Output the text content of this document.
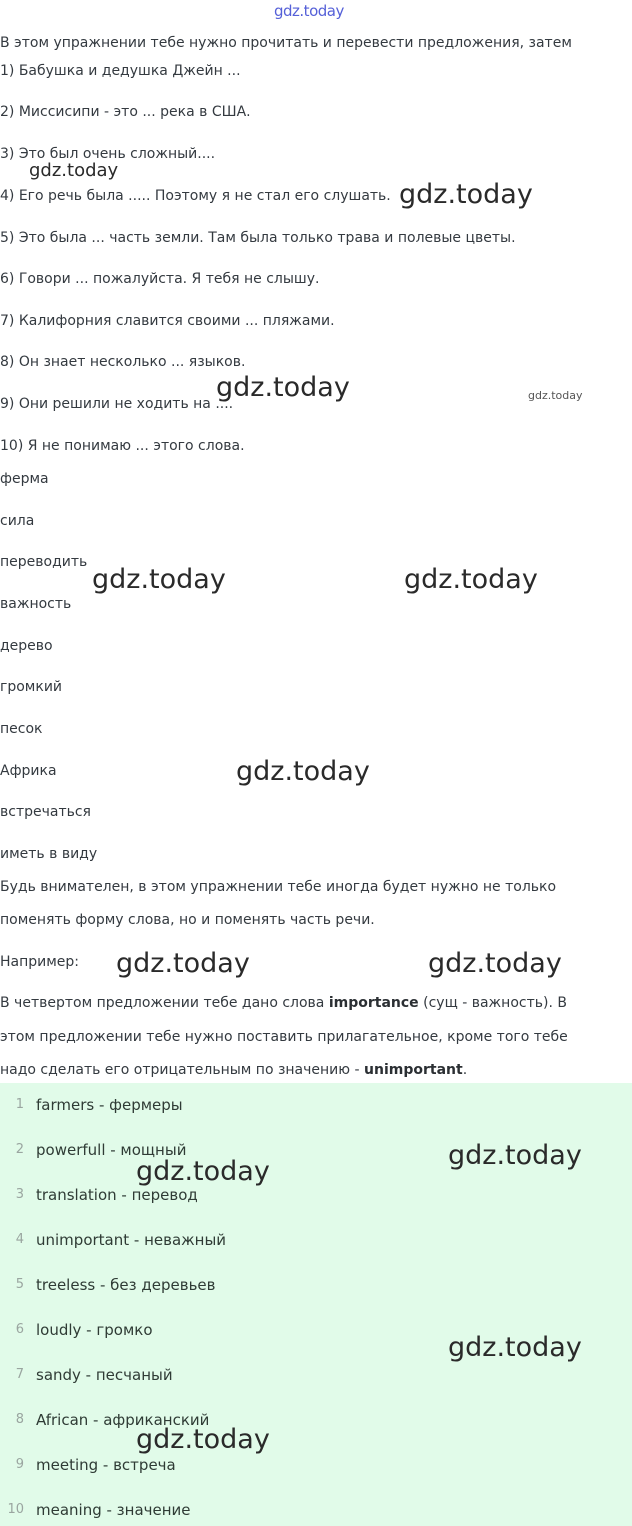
gdz.today
В этом упражнении тебе нужно прочитать и перевести предложения, затем
1) Бабушка и дедушка Джейн ...
2) Миссисипи - это ... река в США.
3) Это был очень сложный....
4) Его речь была ..... Поэтому я не стал его слушать.
5) Это была ... часть земли. Там была только трава и полевые цветы.
6) Говори ... пожалуйста. Я тебя не слышу.
7) Калифорния славится своими ... пляжами.
8) Он знает несколько ... языков.
9) Они решили не ходить на ....
10) Я не понимаю ... этого слова.
ферма
сила
переводить
важность
дерево
громкий
песок
Африка
встречаться
иметь в виду
Будь внимателен, в этом упражнении тебе иногда будет нужно не только
поменять форму слова, но и поменять часть речи.
Например:
В четвертом предложении тебе дано слова importance (сущ - важность). В
этом предложении тебе нужно поставить прилагательное, кроме того тебе
надо сделать его отрицательным по значению - unimportant.
1 farmers - фермеры
2 powerfull - мощный
3 translation - перевод
4 unimportant - неважный
5 treeless - без деревьев
6 loudly - громко
7 sandy - песчаный
8 African - африканский
9 meeting - встреча
10 meaning - значение
gdz.today
gdz.today
gdz.today	gdz.today
gdz.today	gdz.today
gdz.today
gdz.today	gdz.today
gdz.today
gdz.today
gdz.today
gdz.today
